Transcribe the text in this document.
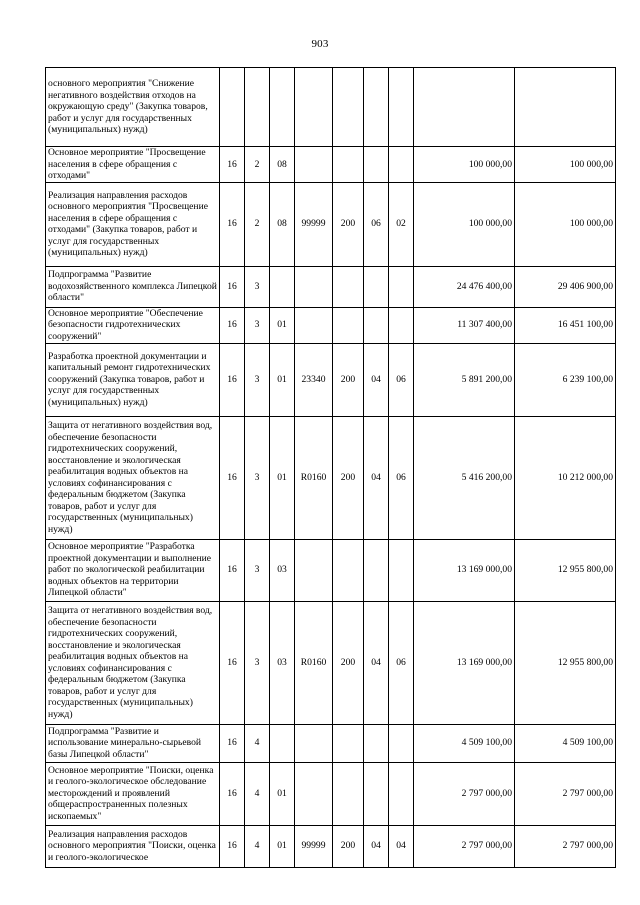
903
основного мероприятия "Снижение негативного воздействия отходов на окружающую среду" (Закупка товаров, работ и услуг для государственных (муниципальных) нужд)									
Основное мероприятие "Просвещение населения в сфере обращения с отходами"	16	2	08					100 000,00	100 000,00
Реализация направления расходов основного мероприятия "Просвещение населения в сфере обращения с отходами" (Закупка товаров, работ и услуг для государственных (муниципальных) нужд)	16	2	08	99999	200	06	02	100 000,00	100 000,00
Подпрограмма "Развитие водохозяйственного комплекса Липецкой области"	16	3						24 476 400,00	29 406 900,00
Основное мероприятие "Обеспечение безопасности гидротехнических сооружений"	16	3	01					11 307 400,00	16 451 100,00
Разработка проектной документации и капитальный ремонт гидротехнических сооружений (Закупка товаров, работ и услуг для государственных (муниципальных) нужд)	16	3	01	23340	200	04	06	5 891 200,00	6 239 100,00
Защита от негативного воздействия вод, обеспечение безопасности гидротехнических сооружений, восстановление и экологическая реабилитация водных объектов на условиях софинансирования с федеральным бюджетом (Закупка товаров, работ и услуг для государственных (муниципальных) нужд)	16	3	01	R0160	200	04	06	5 416 200,00	10 212 000,00
Основное мероприятие "Разработка проектной документации и выполнение работ по экологической реабилитации водных объектов на территории Липецкой области"	16	3	03					13 169 000,00	12 955 800,00
Защита от негативного воздействия вод, обеспечение безопасности гидротехнических сооружений, восстановление и экологическая реабилитация водных объектов на условиях софинансирования с федеральным бюджетом (Закупка товаров, работ и услуг для государственных (муниципальных) нужд)	16	3	03	R0160	200	04	06	13 169 000,00	12 955 800,00
Подпрограмма "Развитие и использование минерально-сырьевой базы Липецкой области"	16	4						4 509 100,00	4 509 100,00
Основное мероприятие "Поиски, оценка и геолого-экологическое обследование месторождений и проявлений общераспространенных полезных ископаемых"	16	4	01					2 797 000,00	2 797 000,00
Реализация направления расходов основного мероприятия "Поиски, оценка и геолого-экологическое	16	4	01	99999	200	04	04	2 797 000,00	2 797 000,00
